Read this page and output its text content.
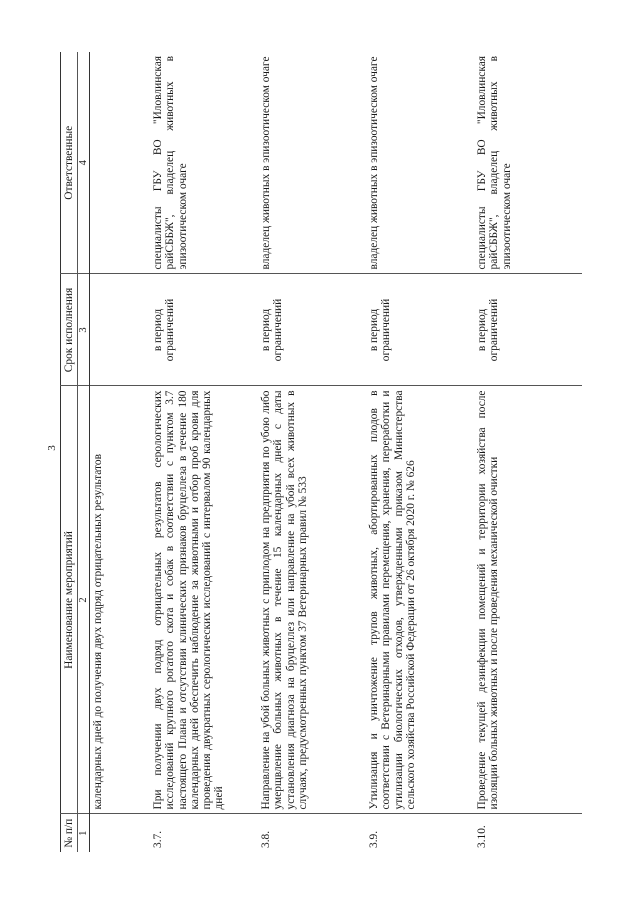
3
№ п/п	Наименование мероприятий	Срок исполнения	Ответственные
1	2	3	4
	календарных дней до получения двух подряд отрицательных результатов		
3.7.	При получении двух подряд отрицательных результатов серологических исследований крупного рогатого скота и собак в соответствии с пунктом 3.7 настоящего Плана и отсутствии клинических признаков бруцеллеза в течение 180 календарных дней обеспечить наблюдение за животными и отбор проб крови для проведения двукратных серологических исследований с интервалом 90 календарных дней	в период ограничений	специалисты ГБУ ВО "Иловлинская райСББЖ", владелец животных в эпизоотическом очаге
3.8.	Направление на убой больных животных с приплодом на предприятия по убою либо умерщвление больных животных в течение 15 календарных дней с даты установления диагноза на бруцеллез или направление на убой всех животных в случаях, предусмотренных пунктом 37 Ветеринарных правил № 533	в период ограничений	владелец животных в эпизоотическом очаге
3.9.	Утилизация и уничтожение трупов животных, абортированных плодов в соответствии с Ветеринарными правилами перемещения, хранения, переработки и утилизации биологических отходов, утвержденными приказом Министерства сельского хозяйства Российской Федерации от 26 октября 2020 г. № 626	в период ограничений	владелец животных в эпизоотическом очаге
3.10.	Проведение текущей дезинфекции помещений и территории хозяйства после изоляции больных животных и после проведения механической очистки	в период ограничений	специалисты ГБУ ВО "Иловлинская райСББЖ", владелец животных в эпизоотическом очаге
